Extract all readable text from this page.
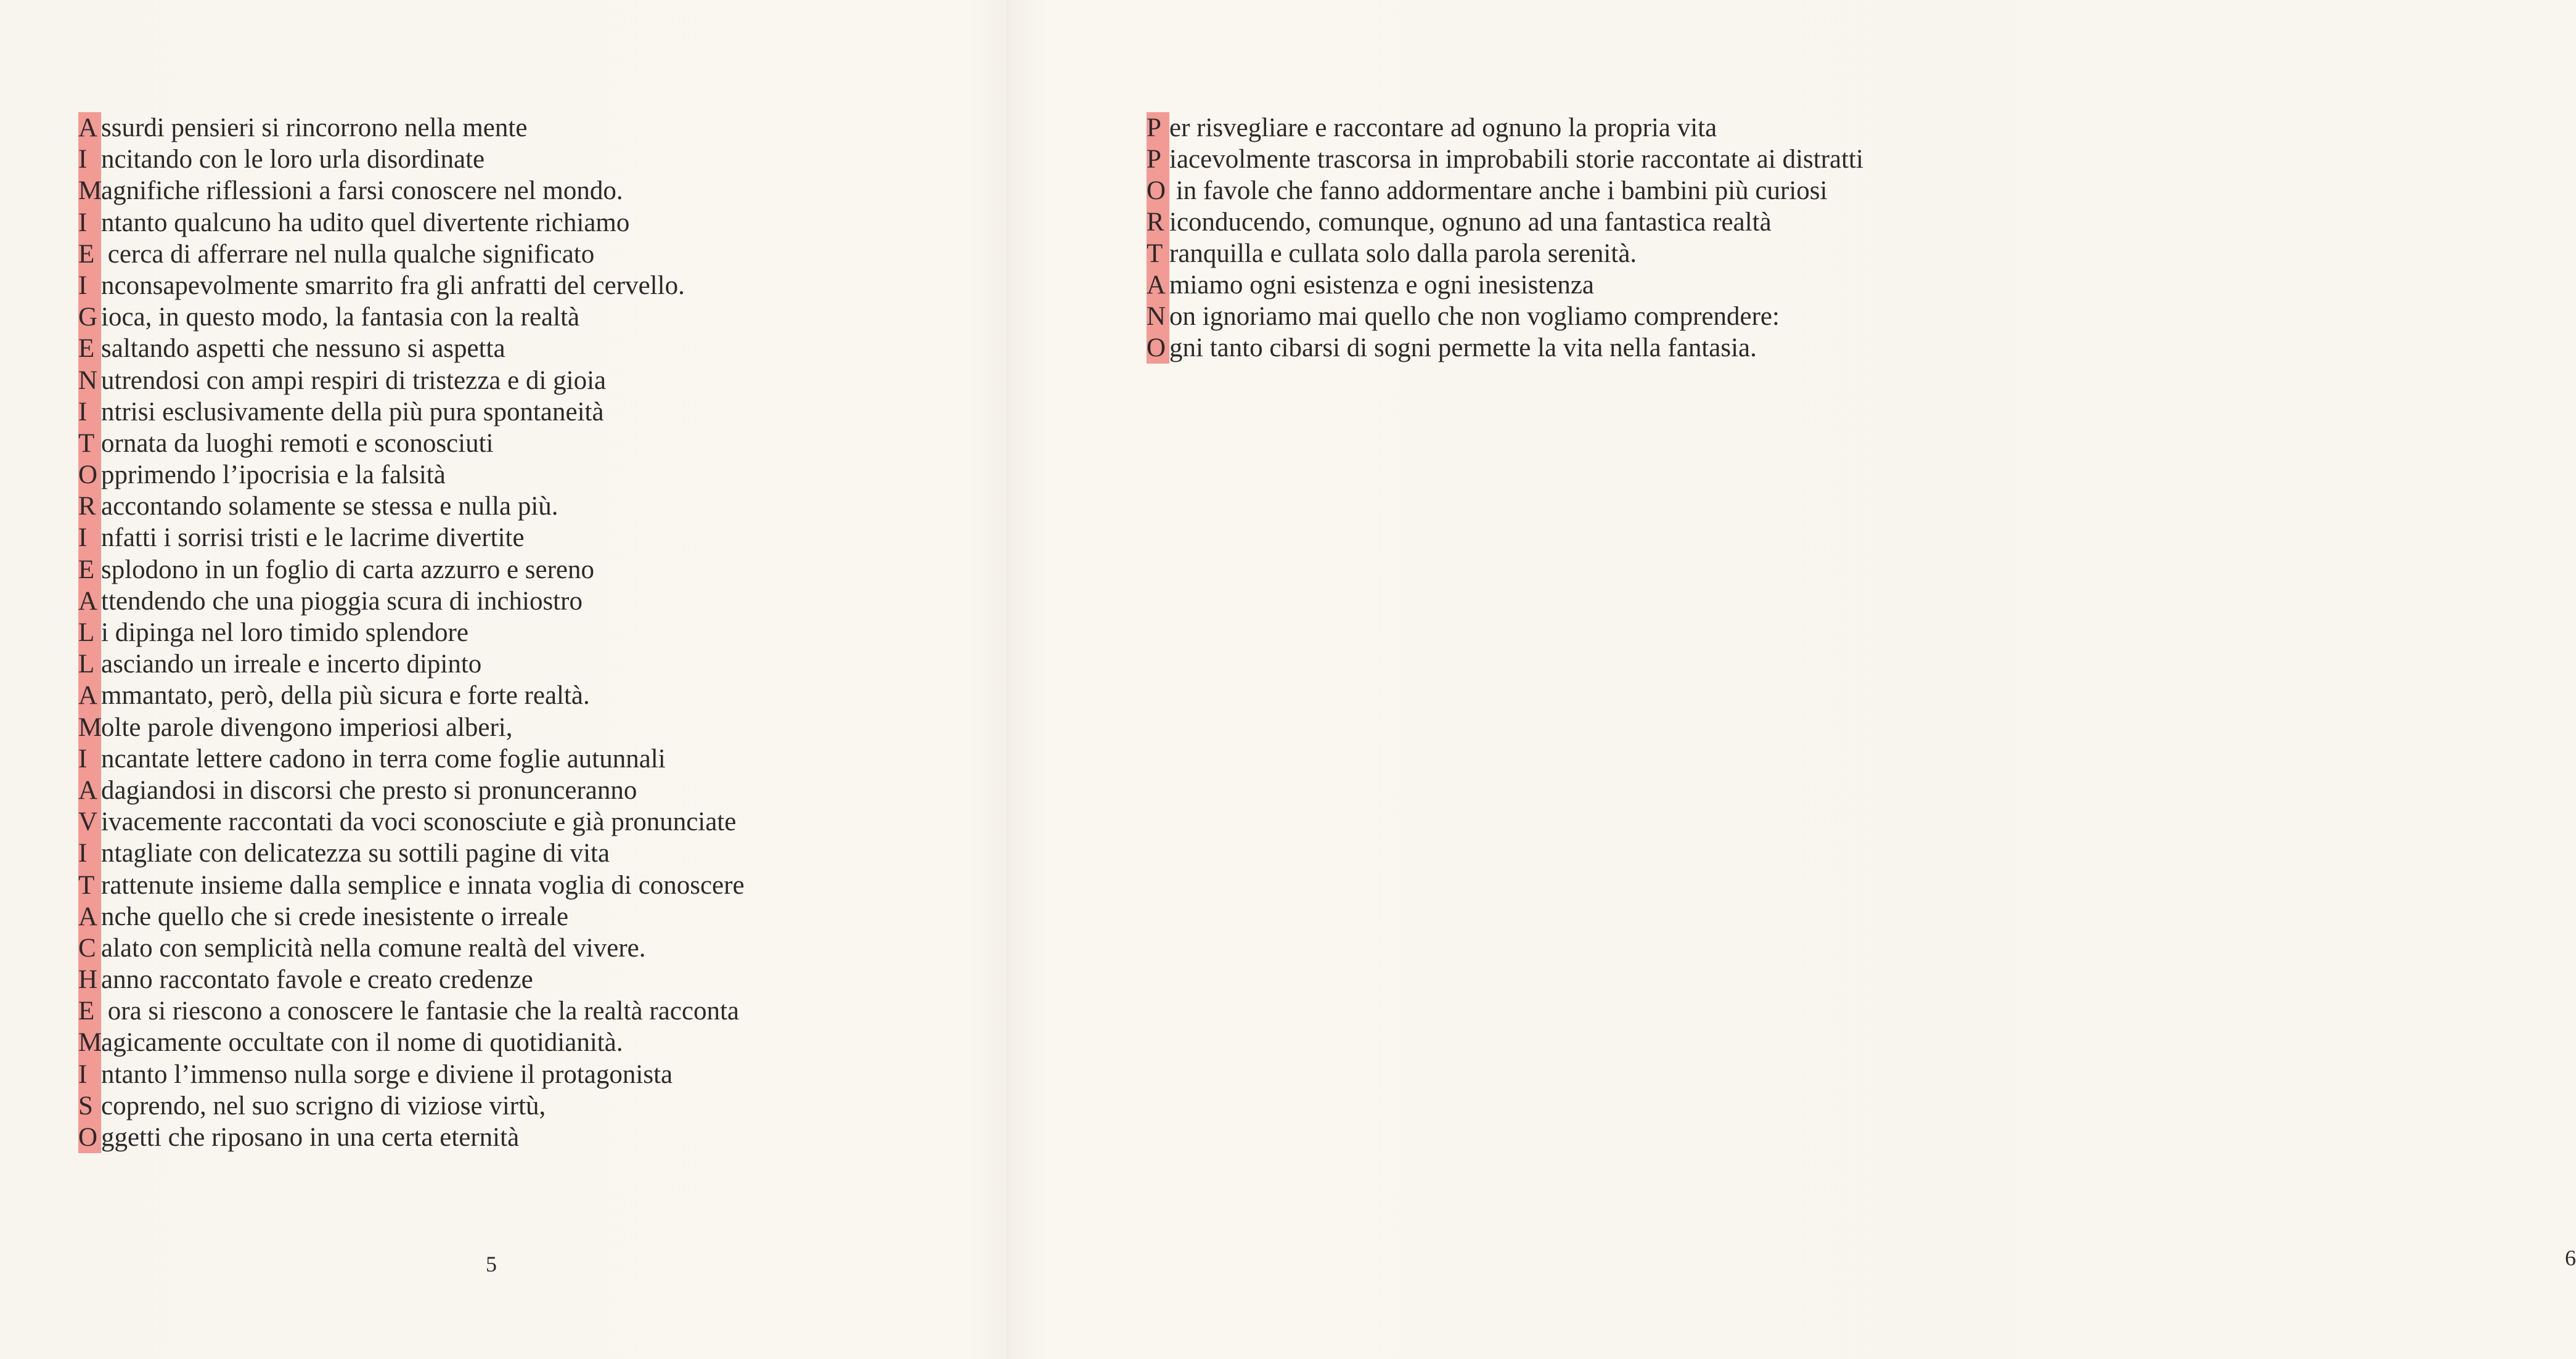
A ssurdi pensieri si rincorrono nella mente
I ncitando con le loro urla disordinate
Magnifiche riflessioni a farsi conoscere nel mondo.
I ntanto qualcuno ha udito quel divertente richiamo
E cerca di afferrare nel nulla qualche significato
I nconsapevolmente smarrito fra gli anfratti del cervello.
G ioca, in questo modo, la fantasia con la realtà
E saltando aspetti che nessuno si aspetta
N utrendosi con ampi respiri di tristezza e di gioia
I ntrisi esclusivamente della più pura spontaneità
T ornata da luoghi remoti e sconosciuti
O pprimendo l’ipocrisia e la falsità
R accontando solamente se stessa e nulla più.
I nfatti i sorrisi tristi e le lacrime divertite
E splodono in un foglio di carta azzurro e sereno
A ttendendo che una pioggia scura di inchiostro
L i dipinga nel loro timido splendore
L asciando un irreale e incerto dipinto
A mmantato, però, della più sicura e forte realtà.
Molte parole divengono imperiosi alberi,
I ncantate lettere cadono in terra come foglie autunnali
A dagiandosi in discorsi che presto si pronunceranno
V ivacemente raccontati da voci sconosciute e già pronunciate
I ntagliate con delicatezza su sottili pagine di vita
T rattenute insieme dalla semplice e innata voglia di conoscere
A nche quello che si crede inesistente o irreale
C alato con semplicità nella comune realtà del vivere.
H anno raccontato favole e creato credenze
E ora si riescono a conoscere le fantasie che la realtà racconta
Magicamente occultate con il nome di quotidianità.
I ntanto l’immenso nulla sorge e diviene il protagonista
S coprendo, nel suo scrigno di viziose virtù,
O ggetti che riposano in una certa eternità
5	6
P er risvegliare e raccontare ad ognuno la propria vita
P iacevolmente trascorsa in improbabili storie raccontate ai distratti
O in favole che fanno addormentare anche i bambini più curiosi
R iconducendo, comunque, ognuno ad una fantastica realtà
T ranquilla e cullata solo dalla parola serenità.
A miamo ogni esistenza e ogni inesistenza
N on ignoriamo mai quello che non vogliamo comprendere:
O gni tanto cibarsi di sogni permette la vita nella fantasia.
